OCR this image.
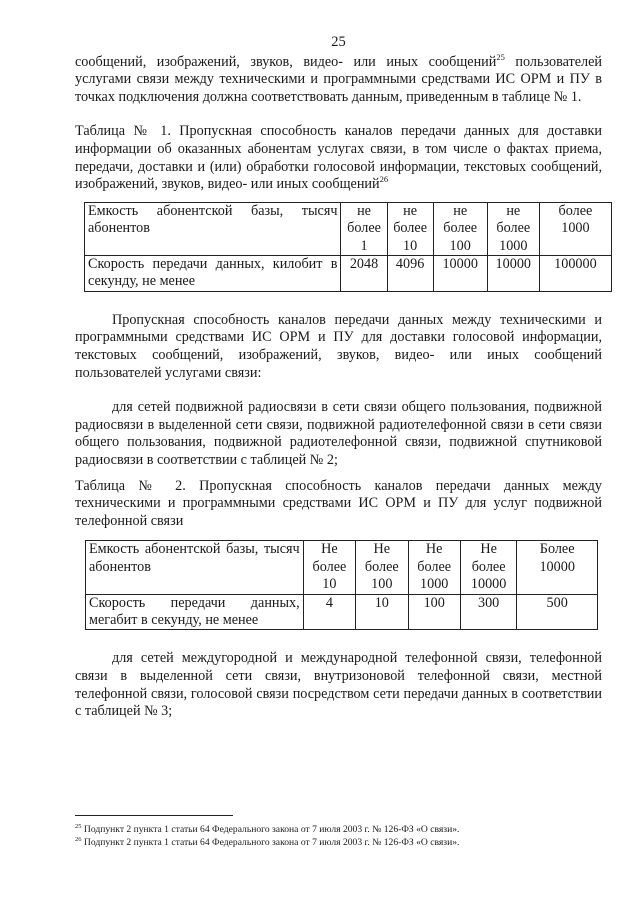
25

сообщений, изображений, звуков, видео- или иных сообщений$^{25}$ пользователей услугами связи между техническими и программными средствами ИС ОРМ и ПУ в точках подключения должна соответствовать данным, приведенным в таблице № 1.

Таблица № 1. Пропускная способность каналов передачи данных для доставки информации об оказанных абонентам услугах связи, в том числе о фактах приема, передачи, доставки и (или) обработки голосовой информации, текстовых сообщений, изображений, звуков, видео- или иных сообщений$^{26}$

Емкость абонентской базы, тысяч абонентов	не более 1	не более 10	не более 100	не более 1000	более 1000
Скорость передачи данных, килобит в секунду, не менее	2048	4096	10000	10000	100000

Пропускная способность каналов передачи данных между техническими и программными средствами ИС ОРМ и ПУ для доставки голосовой информации, текстовых сообщений, изображений, звуков, видео- или иных сообщений пользователей услугами связи:

для сетей подвижной радиосвязи в сети связи общего пользования, подвижной радиосвязи в выделенной сети связи, подвижной радиотелефонной связи в сети связи общего пользования, подвижной радиотелефонной связи, подвижной спутниковой радиосвязи в соответствии с таблицей № 2;

Таблица № 2. Пропускная способность каналов передачи данных между техническими и программными средствами ИС ОРМ и ПУ для услуг подвижной телефонной связи

Емкость абонентской базы, тысяч абонентов	Не более 10	Не более 100	Не более 1000	Не более 10000	Более 10000
Скорость передачи данных, мегабит в секунду, не менее	4	10	100	300	500

для сетей междугородной и международной телефонной связи, телефонной связи в выделенной сети связи, внутризоновой телефонной связи, местной телефонной связи, голосовой связи посредством сети передачи данных в соответствии с таблицей № 3;

$^{25}$ Подпункт 2 пункта 1 статьи 64 Федерального закона от 7 июля 2003 г. № 126-ФЗ «О связи».

$^{26}$ Подпункт 2 пункта 1 статьи 64 Федерального закона от 7 июля 2003 г. № 126-ФЗ «О связи».
